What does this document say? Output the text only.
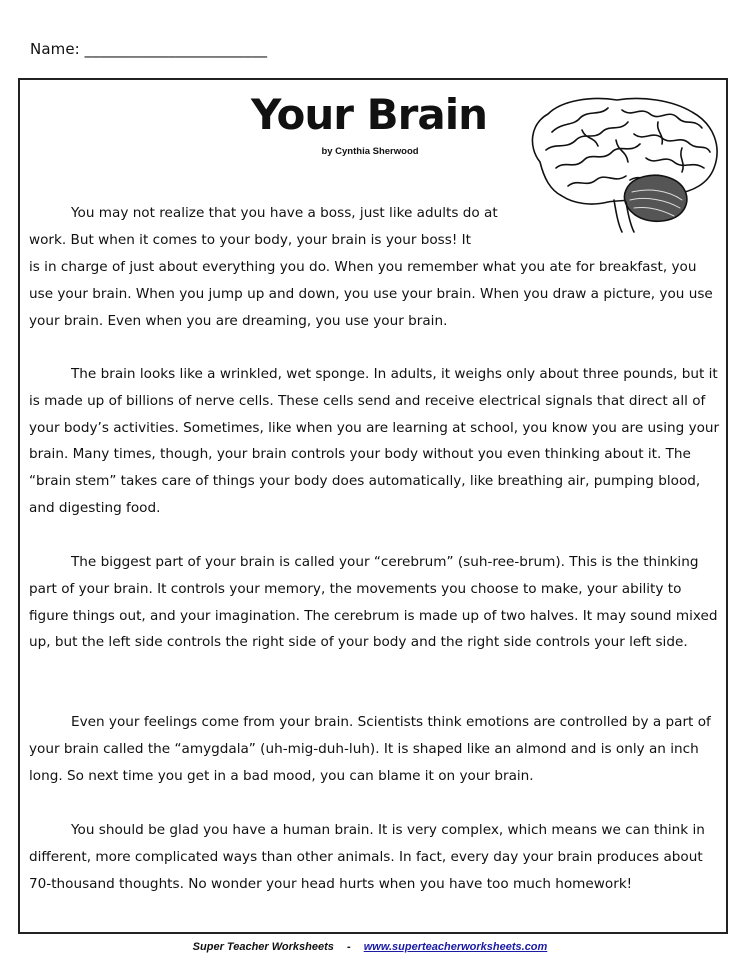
Name: ________________________
Your Brain
by Cynthia Sherwood

You may not realize that you have a boss, just like adults do at work. But when it comes to your body, your brain is your boss! It

is in charge of just about everything you do. When you remember what you ate for breakfast, you use your brain. When you jump up and down, you use your brain. When you draw a picture, you use your brain. Even when you are dreaming, you use your brain.

The brain looks like a wrinkled, wet sponge. In adults, it weighs only about three pounds, but it is made up of billions of nerve cells. These cells send and receive electrical signals that direct all of your body’s activities. Sometimes, like when you are learning at school, you know you are using your brain. Many times, though, your brain controls your body without you even thinking about it. The “brain stem” takes care of things your body does automatically, like breathing air, pumping blood, and digesting food.

The biggest part of your brain is called your “cerebrum” (suh-ree-brum). This is the thinking part of your brain. It controls your memory, the movements you choose to make, your ability to figure things out, and your imagination. The cerebrum is made up of two halves. It may sound mixed up, but the left side controls the right side of your body and the right side controls your left side.

Even your feelings come from your brain. Scientists think emotions are controlled by a part of your brain called the “amygdala” (uh-mig-duh-luh). It is shaped like an almond and is only an inch long. So next time you get in a bad mood, you can blame it on your brain.

You should be glad you have a human brain. It is very complex, which means we can think in different, more complicated ways than other animals. In fact, every day your brain produces about 70-thousand thoughts. No wonder your head hurts when you have too much homework!

Super Teacher Worksheets - www.superteacherworksheets.com
